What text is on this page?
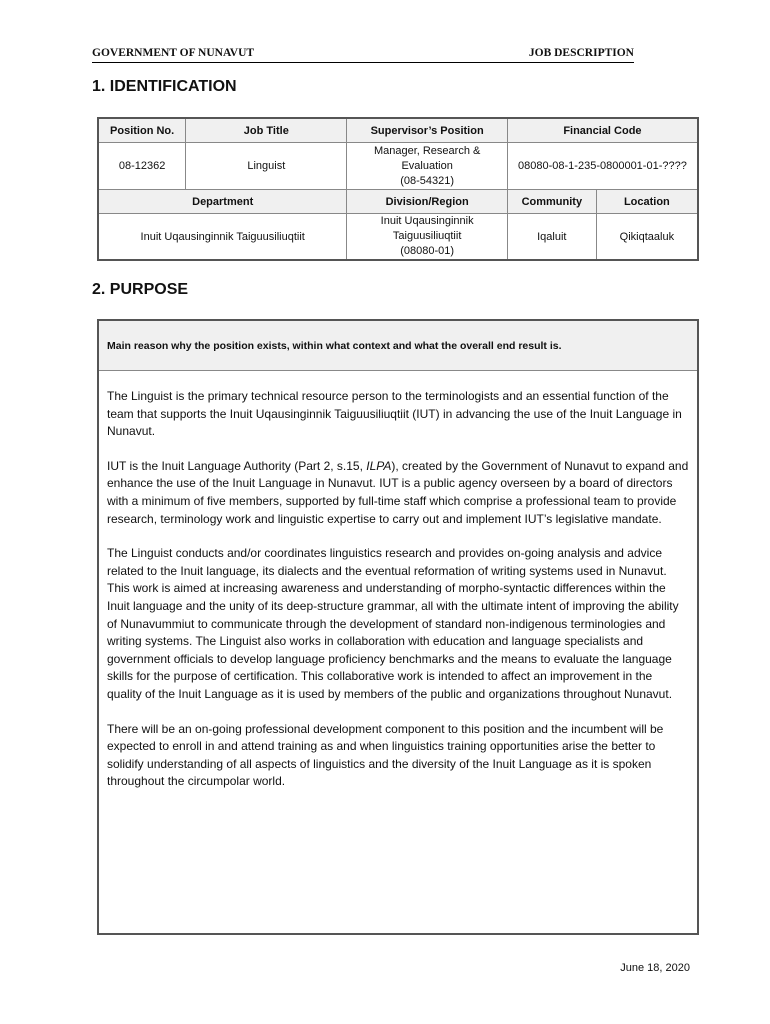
GOVERNMENT OF NUNAVUT	JOB DESCRIPTION
1. IDENTIFICATION
Position No.	Job Title	Supervisor’s Position	Financial Code	
08-12362	Linguist	Manager, Research &
Evaluation
(08-54321)	08080-08-1-235-0800001-01-????	
Department		Division/Region	Community	Location
Inuit Uqausinginnik Taiguusiliuqtiit		Inuit Uqausinginnik Taiguusiliuqtiit
(08080-01)	Iqaluit	Qikiqtaaluk
2. PURPOSE
Main reason why the position exists, within what context and what the overall end result is.

The Linguist is the primary technical resource person to the terminologists and an essential function of the team that supports the Inuit Uqausinginnik Taiguusiliuqtiit (IUT) in advancing the use of the Inuit Language in Nunavut.

IUT is the Inuit Language Authority (Part 2, s.15, ILPA), created by the Government of Nunavut to expand and enhance the use of the Inuit Language in Nunavut. IUT is a public agency overseen by a board of directors with a minimum of five members, supported by full-time staff which comprise a professional team to provide research, terminology work and linguistic expertise to carry out and implement IUT’s legislative mandate.

The Linguist conducts and/or coordinates linguistics research and provides on-going analysis and advice related to the Inuit language, its dialects and the eventual reformation of writing systems used in Nunavut. This work is aimed at increasing awareness and understanding of morpho-syntactic differences within the Inuit language and the unity of its deep-structure grammar, all with the ultimate intent of improving the ability of Nunavummiut to communicate through the development of standard non-indigenous terminologies and writing systems. The Linguist also works in collaboration with education and language specialists and government officials to develop language proficiency benchmarks and the means to evaluate the language skills for the purpose of certification. This collaborative work is intended to affect an improvement in the quality of the Inuit Language as it is used by members of the public and organizations throughout Nunavut.

There will be an on-going professional development component to this position and the incumbent will be expected to enroll in and attend training as and when linguistics training opportunities arise the better to solidify understanding of all aspects of linguistics and the diversity of the Inuit Language as it is spoken throughout the circumpolar world.

June 18, 2020
